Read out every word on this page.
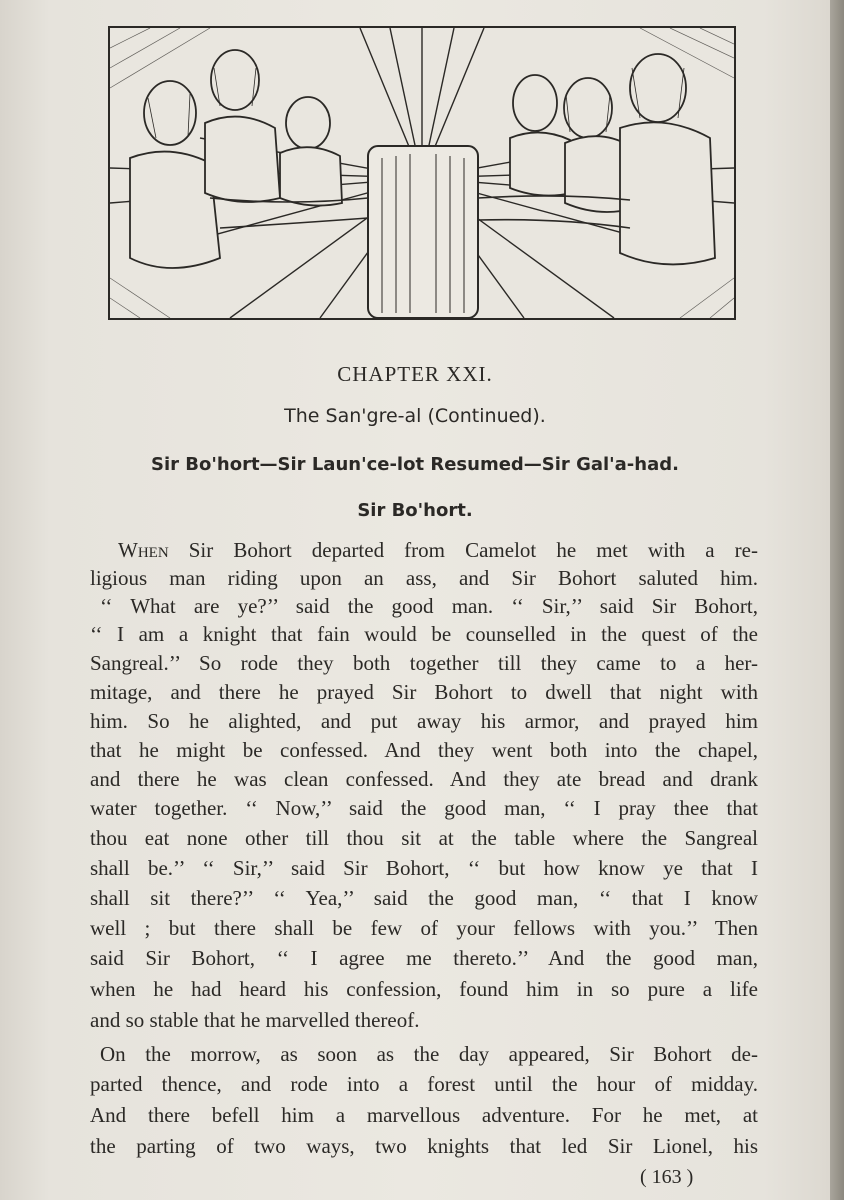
CHAPTER XXI.
The San'gre-al (Continued).
Sir Bo'hort—Sir Laun'ce-lot Resumed—Sir Gal'a-had.
Sir Bo'hort.
When Sir Bohort departed from Camelot he met with a re-
ligious man riding upon an ass, and Sir Bohort saluted him.
‘‘ What are ye?’’ said the good man. ‘‘ Sir,’’ said Sir Bohort,
‘‘ I am a knight that fain would be counselled in the quest of the
Sangreal.’’ So rode they both together till they came to a her-
mitage, and there he prayed Sir Bohort to dwell that night with
him. So he alighted, and put away his armor, and prayed him
that he might be confessed. And they went both into the chapel,
and there he was clean confessed. And they ate bread and drank
water together. ‘‘ Now,’’ said the good man, ‘‘ I pray thee that
thou eat none other till thou sit at the table where the Sangreal
shall be.’’ ‘‘ Sir,’’ said Sir Bohort, ‘‘ but how know ye that I
shall sit there?’’ ‘‘ Yea,’’ said the good man, ‘‘ that I know
well ; but there shall be few of your fellows with you.’’ Then
said Sir Bohort, ‘‘ I agree me thereto.’’ And the good man,
when he had heard his confession, found him in so pure a life
and so stable that he marvelled thereof.
On the morrow, as soon as the day appeared, Sir Bohort de-
parted thence, and rode into a forest until the hour of midday.
And there befell him a marvellous adventure. For he met, at
the parting of two ways, two knights that led Sir Lionel, his
( 163 )
